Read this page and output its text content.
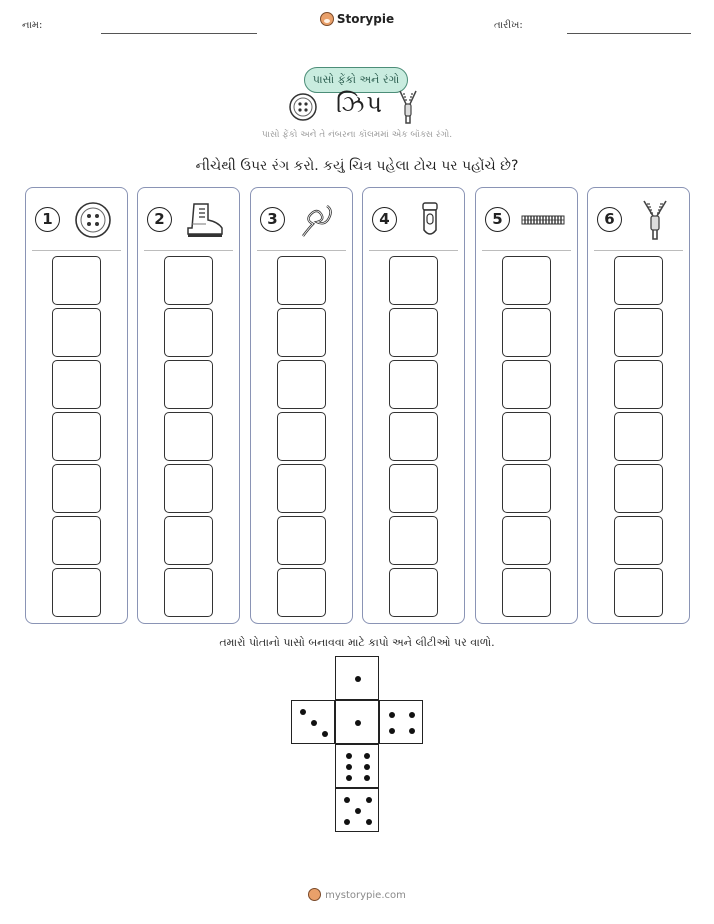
નામ:	Storypie	તારીખ:
પાસો ફેંકો અને રંગો
ઝિપ
પાસો ફેંકો અને તે નંબરના કૉલમમાં એક બૉક્સ રંગો.
નીચેથી ઉપર રંગ કરો. કયું ચિત્ર પહેલા ટોચ પર પહોંચે છે?
1	2	3	4	5	6
તમારો પોતાનો પાસો બનાવવા માટે કાપો અને લીટીઓ પર વાળો.
mystorypie.com
